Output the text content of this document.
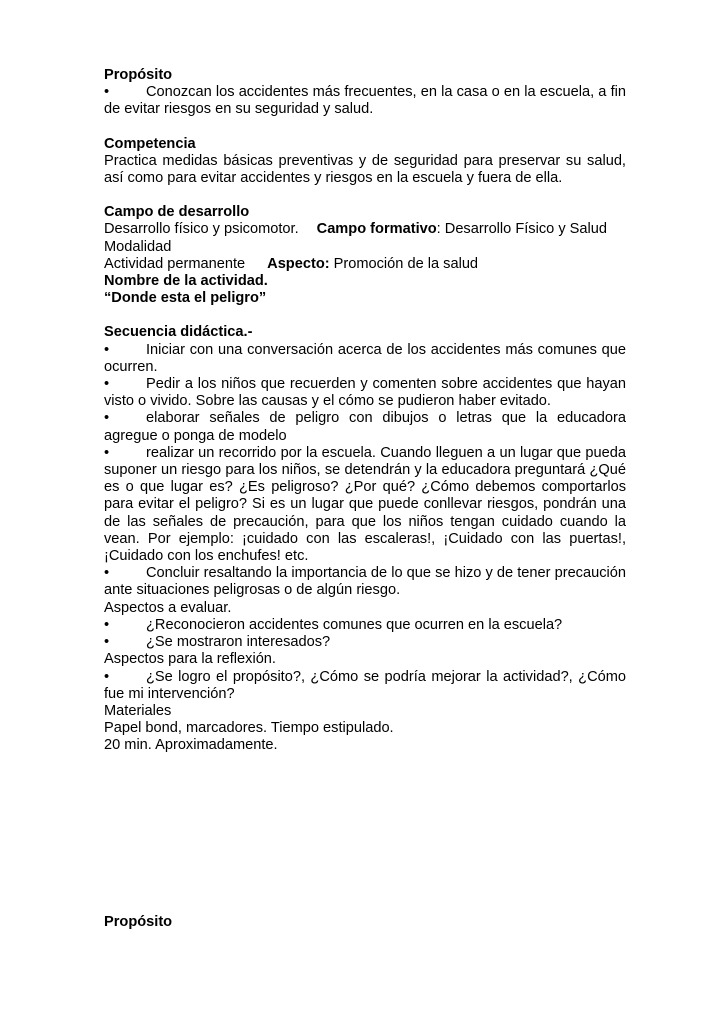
Propósito

•	Conozcan los accidentes más frecuentes, en la casa o en la escuela, a fin de evitar riesgos en su seguridad y salud.

Competencia

Practica medidas básicas preventivas y de seguridad para preservar su salud, así como para evitar accidentes y riesgos en la escuela y fuera de ella.

Campo de desarrollo

Desarrollo físico y psicomotor. Campo formativo: Desarrollo Físico y Salud

Modalidad

Actividad permanente Aspecto: Promoción de la salud

Nombre de la actividad.

“Donde esta el peligro”

Secuencia didáctica.-

•	Iniciar con una conversación acerca de los accidentes más comunes que ocurren.

•	Pedir a los niños que recuerden y comenten sobre accidentes que hayan visto o vivido. Sobre las causas y el cómo se pudieron haber evitado.

•	elaborar señales de peligro con dibujos o letras que la educadora agregue o ponga de modelo

•	realizar un recorrido por la escuela. Cuando lleguen a un lugar que pueda suponer un riesgo para los niños, se detendrán y la educadora preguntará ¿Qué es o que lugar es? ¿Es peligroso? ¿Por qué? ¿Cómo debemos comportarlos para evitar el peligro? Si es un lugar que puede conllevar riesgos, pondrán una de las señales de precaución, para que los niños tengan cuidado cuando la vean. Por ejemplo: ¡cuidado con las escaleras!, ¡Cuidado con las puertas!, ¡Cuidado con los enchufes! etc.

•	Concluir resaltando la importancia de lo que se hizo y de tener precaución ante situaciones peligrosas o de algún riesgo.

Aspectos a evaluar.

•	¿Reconocieron accidentes comunes que ocurren en la escuela?

•	¿Se mostraron interesados?

Aspectos para la reflexión.

•	¿Se logro el propósito?, ¿Cómo se podría mejorar la actividad?, ¿Cómo fue mi intervención?

Materiales

Papel bond, marcadores. Tiempo estipulado.

20 min. Aproximadamente.

Propósito
